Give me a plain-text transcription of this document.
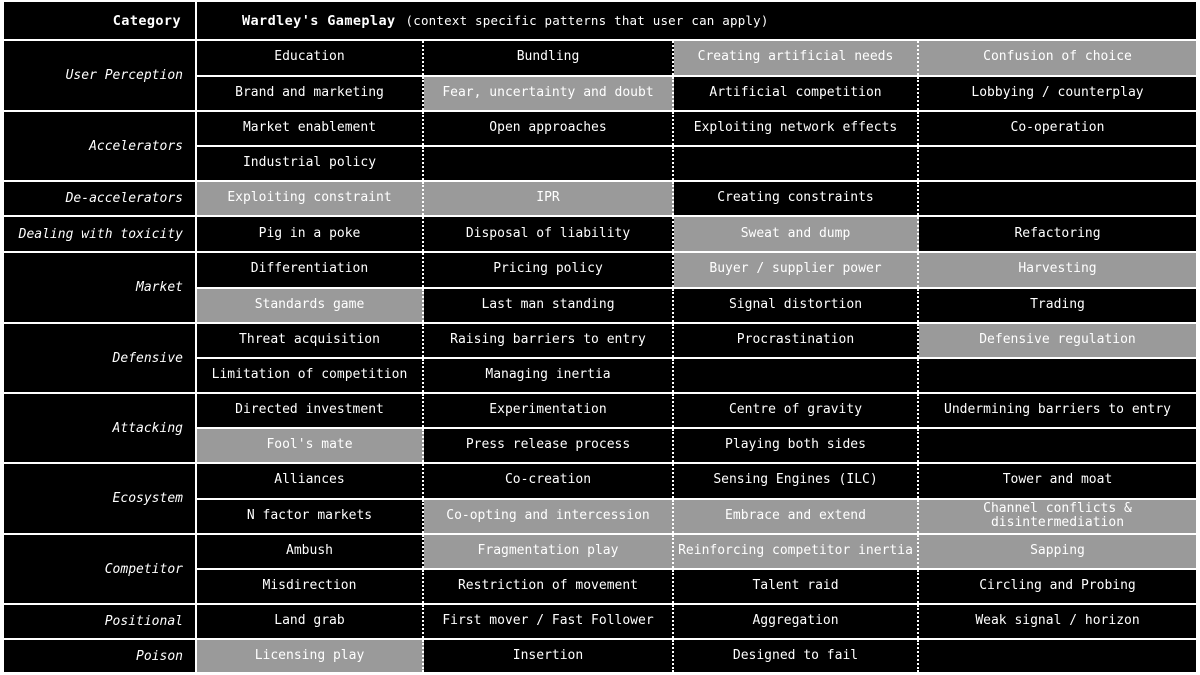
Category	Wardley's Gameplay (context specific patterns that user can apply)
User Perception
Education	Bundling	Creating artificial needs	Confusion of choice
Brand and marketing	Fear, uncertainty and doubt	Artificial competition	Lobbying / counterplay
Accelerators
Market enablement	Open approaches	Exploiting network effects	Co-operation
Industrial policy
De-accelerators	Exploiting constraint	IPR	Creating constraints
Dealing with toxicity	Pig in a poke	Disposal of liability	Sweat and dump	Refactoring
Market
Differentiation	Pricing policy	Buyer / supplier power	Harvesting
Standards game	Last man standing	Signal distortion	Trading
Defensive
Threat acquisition	Raising barriers to entry	Procrastination	Defensive regulation
Limitation of competition	Managing inertia
Attacking
Directed investment	Experimentation	Centre of gravity	Undermining barriers to entry
Fool's mate	Press release process	Playing both sides
Ecosystem
Alliances	Co-creation	Sensing Engines (ILC)	Tower and moat
N factor markets	Co-opting and intercession	Embrace and extend	Channel conflicts & disintermediation
Competitor
Ambush	Fragmentation play	Reinforcing competitor inertia	Sapping
Misdirection	Restriction of movement	Talent raid	Circling and Probing
Positional	Land grab	First mover / Fast Follower	Aggregation	Weak signal / horizon
Poison	Licensing play	Insertion	Designed to fail
